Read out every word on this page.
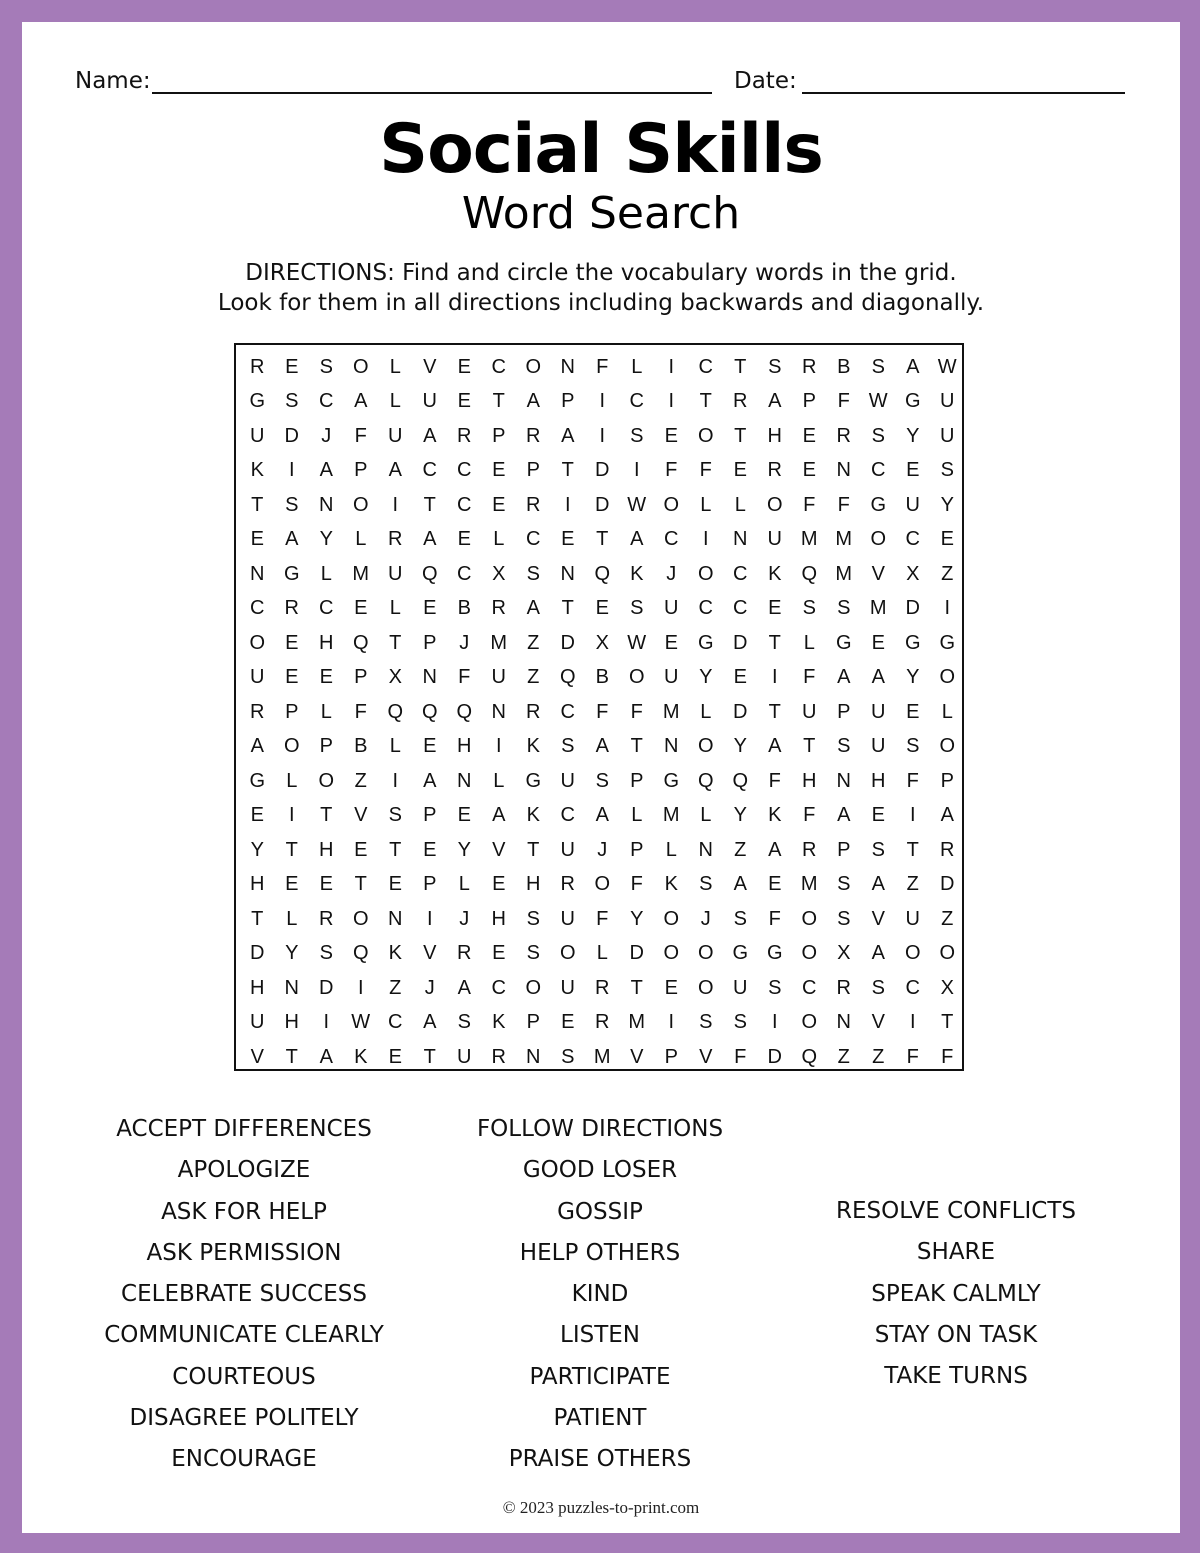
Name:	Date:
Social Skills
Word Search
DIRECTIONS: Find and circle the vocabulary words in the grid.
Look for them in all directions including backwards and diagonally.
R	E	S	O	L	V	E	C O N	F	L	I	C	T	S	R	B	S	A W
G	S	C	A	L	U	E	T	A	P	I	C	I	T	R	A	P	F W G U
U	D	J	F	U	A	R	P	R	A	I	S	E	O	T	H	E	R	S	Y	U
K	I	A	P	A	C	C	E	P	T	D	I	F	F	E	R	E	N	C	E	S
T	S	N O	I	T	C	E	R	I	D W O	L	L	O	F	F	G U	Y
E	A	Y	L	R	A	E	L	C	E	T	A	C	I	N	U M M O C	E
N G	L	M U Q C	X	S	N Q	K	J	O C	K	Q M V	X	Z
C	R	C	E	L	E	B	R	A	T	E	S	U	C	C	E	S	S M D	I
O	E	H Q	T	P	J	M	Z	D	X W E	G D	T	L	G	E	G G
U	E	E	P	X	N	F	U	Z	Q	B	O U	Y	E	I	F	A	A	Y	O
R	P	L	F	Q Q Q N	R	C	F	F	M	L	D	T	U	P	U	E	L
A	O	P	B	L	E	H	I	K	S	A	T	N O	Y	A	T	S	U	S	O
G	L	O	Z	I	A	N	L	G U	S	P	G Q Q	F	H	N	H	F	P
E	I	T	V	S	P	E	A	K	C	A	L	M	L	Y	K	F	A	E	I	A
Y	T	H	E	T	E	Y	V	T	U	J	P	L	N	Z	A	R	P	S	T	R
H	E	E	T	E	P	L	E	H	R O	F	K	S	A	E M S	A	Z	D
T	L	R O N	I	J	H	S	U	F	Y	O	J	S	F	O	S	V	U	Z
D	Y	S	Q	K	V	R	E	S	O	L	D O O G G O	X	A	O O
H	N	D	I	Z	J	A	C O U	R	T	E	O U	S	C	R	S	C	X
U	H	I	W C	A	S	K	P	E	R M	I	S	S	I	O N	V	I	T
V	T	A	K	E	T	U	R	N	S M V	P	V	F	D Q	Z	Z	F	F
ACCEPT DIFFERENCES
APOLOGIZE
ASK FOR HELP
ASK PERMISSION
CELEBRATE SUCCESS
COMMUNICATE CLEARLY
COURTEOUS
DISAGREE POLITELY
ENCOURAGE
FOLLOW DIRECTIONS
GOOD LOSER
GOSSIP
HELP OTHERS
KIND
LISTEN
PARTICIPATE
PATIENT
PRAISE OTHERS
RESOLVE CONFLICTS
SHARE
SPEAK CALMLY
STAY ON TASK
TAKE TURNS
© 2023 puzzles-to-print.com
